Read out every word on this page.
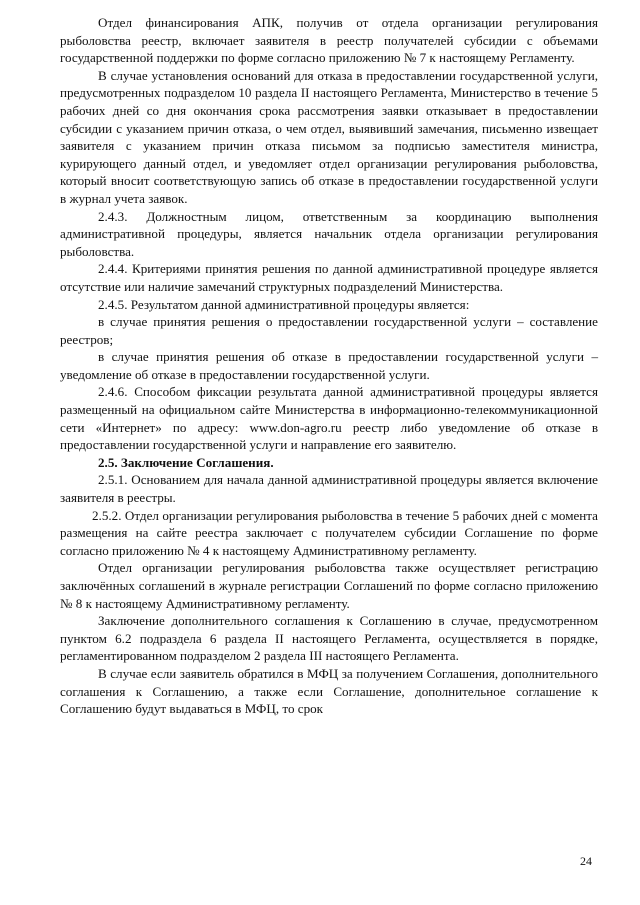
Отдел финансирования АПК, получив от отдела организации регулирования рыболовства реестр, включает заявителя в реестр получателей субсидии с объемами государственной поддержки по форме согласно приложению № 7 к настоящему Регламенту.

В случае установления оснований для отказа в предоставлении государственной услуги, предусмотренных подразделом 10 раздела II настоящего Регламента, Министерство в течение 5 рабочих дней со дня окончания срока рассмотрения заявки отказывает в предоставлении субсидии с указанием причин отказа, о чем отдел, выявивший замечания, письменно извещает заявителя с указанием причин отказа письмом за подписью заместителя министра, курирующего данный отдел, и уведомляет отдел организации регулирования рыболовства, который вносит соответствующую запись об отказе в предоставлении государственной услуги в журнал учета заявок.

2.4.3. Должностным лицом, ответственным за координацию выполнения административной процедуры, является начальник отдела организации регулирования рыболовства.

2.4.4. Критериями принятия решения по данной административной процедуре является отсутствие или наличие замечаний структурных подразделений Министерства.

2.4.5. Результатом данной административной процедуры является:

в случае принятия решения о предоставлении государственной услуги – составление реестров;

в случае принятия решения об отказе в предоставлении государственной услуги – уведомление об отказе в предоставлении государственной услуги.

2.4.6. Способом фиксации результата данной административной процедуры является размещенный на официальном сайте Министерства в информационно-телекоммуникационной сети «Интернет» по адресу: www.don-agro.ru реестр либо уведомление об отказе в предоставлении государственной услуги и направление его заявителю.

2.5. Заключение Соглашения.

2.5.1. Основанием для начала данной административной процедуры является включение заявителя в реестры.

2.5.2. Отдел организации регулирования рыболовства в течение 5 рабочих дней с момента размещения на сайте реестра заключает с получателем субсидии Соглашение по форме согласно приложению № 4 к настоящему Административному регламенту.

Отдел организации регулирования рыболовства также осуществляет регистрацию заключённых соглашений в журнале регистрации Соглашений по форме согласно приложению № 8 к настоящему Административному регламенту.

Заключение дополнительного соглашения к Соглашению в случае, предусмотренном пунктом 6.2 подраздела 6 раздела II настоящего Регламента, осуществляется в порядке, регламентированном подразделом 2 раздела III настоящего Регламента.

В случае если заявитель обратился в МФЦ за получением Соглашения, дополнительного соглашения к Соглашению, а также если Соглашение, дополнительное соглашение к Соглашению будут выдаваться в МФЦ, то срок

24
